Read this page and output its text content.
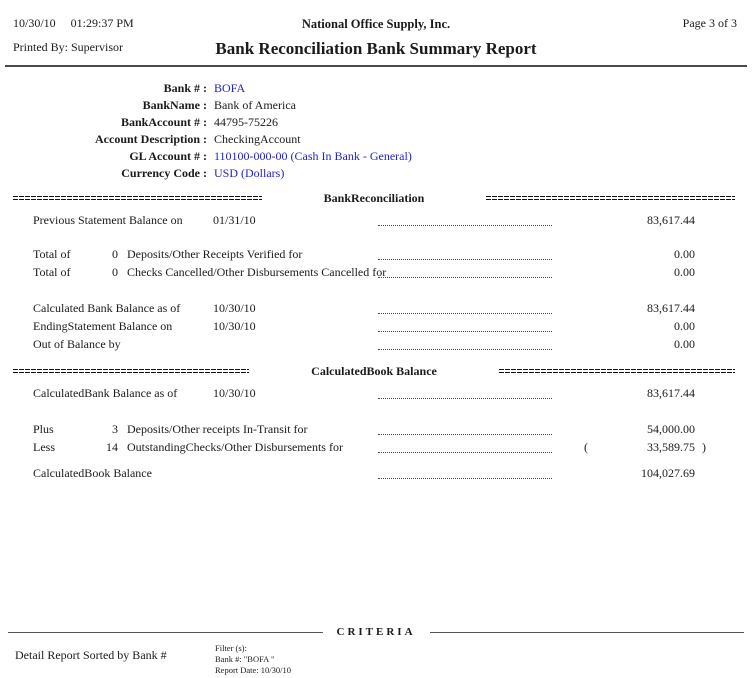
10/30/10 01:29:37 PM	National Office Supply, Inc.	Page 3 of 3
Printed By: Supervisor	Bank Reconciliation Bank Summary Report
Bank # : BOFA
BankName : Bank of America
BankAccount # : 44795-75226
Account Description : CheckingAccount
GL Account # : 110100-000-00 (Cash In Bank - General)
Currency Code : USD (Dollars)
BankReconciliation
Previous Statement Balance on	01/31/10	83,617.44
Total of	0 Deposits/Other Receipts Verified for	0.00
Total of	0 Checks Cancelled/Other Disbursements Cancelled for	0.00
Calculated Bank Balance as of	10/30/10	83,617.44
EndingStatement Balance on	10/30/10	0.00
Out of Balance by	0.00
CalculatedBook Balance
CalculatedBank Balance as of	10/30/10	83,617.44
Plus	3 Deposits/Other receipts In-Transit for	54,000.00
Less	14 OutstandingChecks/Other Disbursements for	(	33,589.75 )
CalculatedBook Balance	104,027.69
CRITERIA
Detail Report Sorted by Bank #	Filter (s):
Bank #: "BOFA "
Report Date: 10/30/10
